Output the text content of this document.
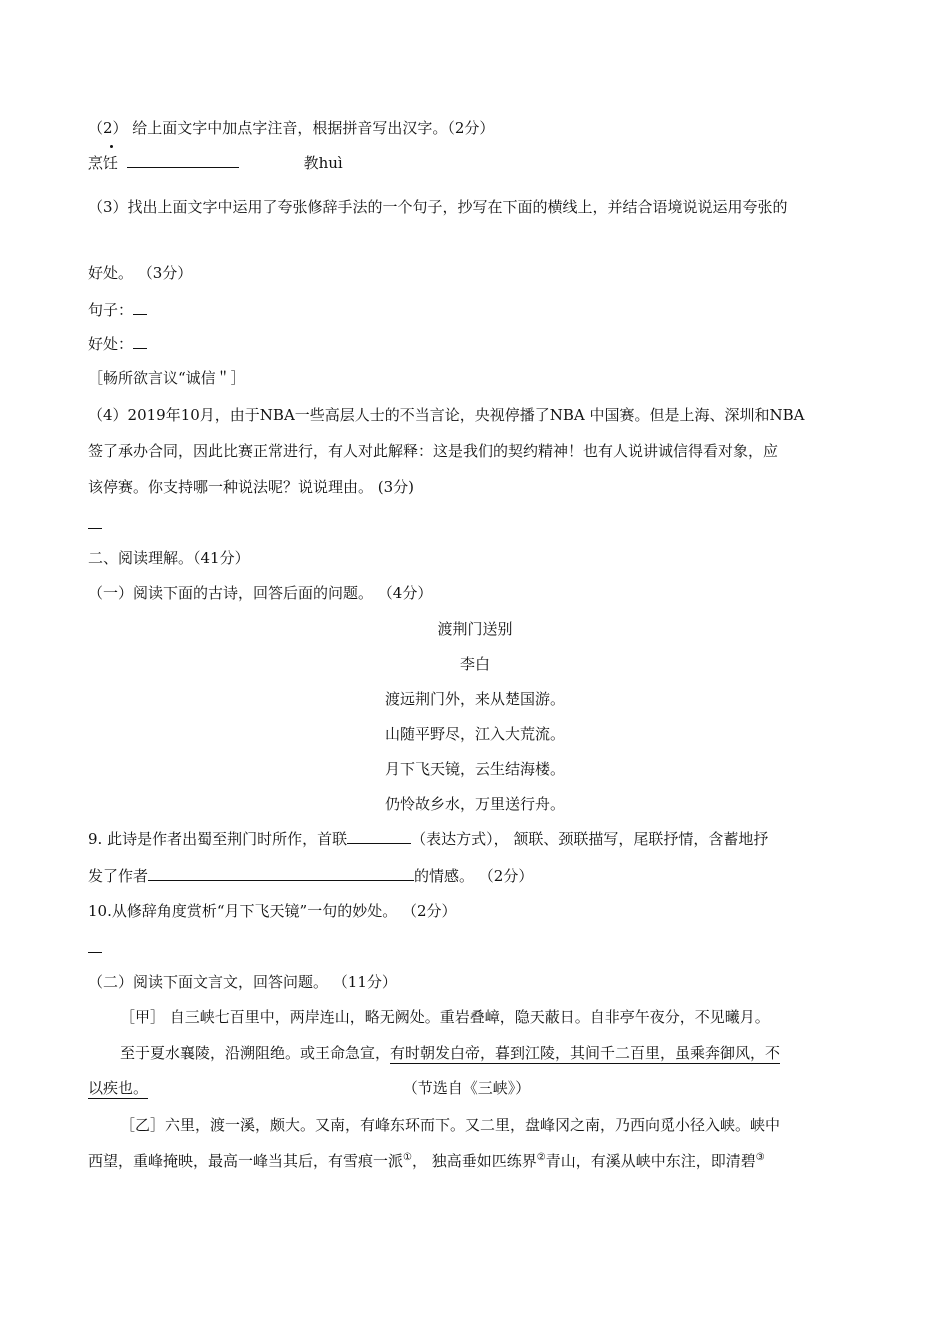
（2） 给上面文字中加点字注音，根据拼音写出汉字。（2分）
烹饪	教huì
（3）找出上面文字中运用了夸张修辞手法的一个句子，抄写在下面的横线上，并结合语境说说运用夸张的
好处。 （3分）
句子：
好处：
［畅所欲言议“诚信＂］
（4）2019年10月，由于NBA一些高层人士的不当言论，央视停播了NBA 中国赛。但是上海、深圳和NBA
签了承办合同，因此比赛正常进行，有人对此解释：这是我们的契约精神！也有人说讲诚信得看对象，应
该停赛。你支持哪一种说法呢？说说理由。 (3分)
二、阅读理解。（41分）
（一）阅读下面的古诗，回答后面的问题。 （4分）
渡荆门送别
李白
渡远荆门外，来从楚国游。
山随平野尽，江入大荒流。
月下飞天镜，云生结海楼。
仍怜故乡水，万里送行舟。
9. 此诗是作者出蜀至荆门时所作，首联	（表达方式）， 颔联、颈联描写，尾联抒情，含蓄地抒
发了作者	的情感。 （2分）
10.从修辞角度赏析“月下飞天镜”一句的妙处。 （2分）
（二）阅读下面文言文，回答问题。 （11分）
［甲］ 自三峡七百里中，两岸连山，略无阙处。重岩叠嶂，隐天蔽日。自非亭午夜分，不见曦月。
至于夏水襄陵，沿溯阻绝。或王命急宣，有时朝发白帝，暮到江陵，其间千二百里，虽乘奔御风，不
以疾也。	（节选自《三峡》）
［乙］六里，渡一溪，颇大。又南，有峰东环而下。又二里，盘峰冈之南，乃西向觅小径入峡。峡中
西望，重峰掩映，最高一峰当其后，有雪痕一派①， 独高垂如匹练界②青山，有溪从峡中东注，即清碧③
